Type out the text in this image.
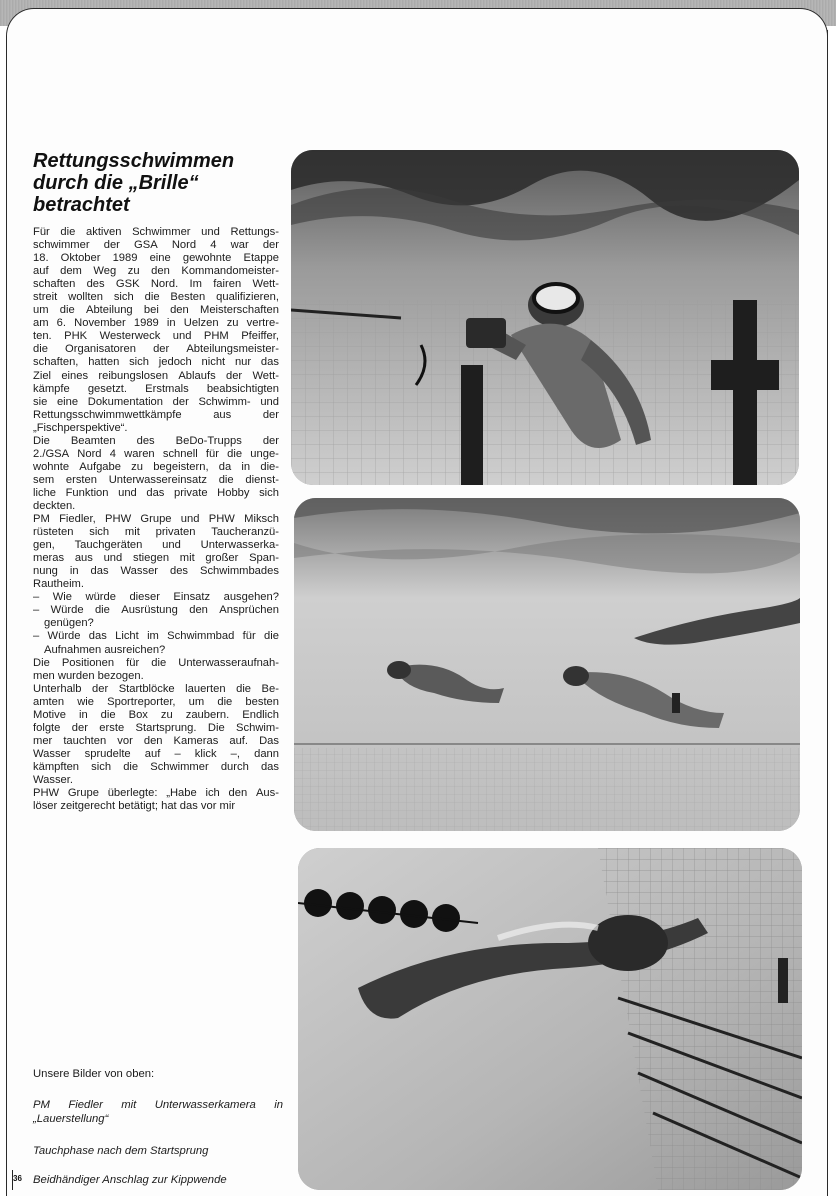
Rettungsschwimmen
durch die „Brille“
betrachtet
Für die aktiven Schwimmer und Rettungs-
schwimmer der GSA Nord 4 war der
18. Oktober 1989 eine gewohnte Etappe
auf dem Weg zu den Kommandomeister-
schaften des GSK Nord. Im fairen Wett-
streit wollten sich die Besten qualifizieren,
um die Abteilung bei den Meisterschaften
am 6. November 1989 in Uelzen zu vertre-
ten. PHK Westerweck und PHM Pfeiffer,
die Organisatoren der Abteilungsmeister-
schaften, hatten sich jedoch nicht nur das
Ziel eines reibungslosen Ablaufs der Wett-
kämpfe gesetzt. Erstmals beabsichtigten
sie eine Dokumentation der Schwimm- und
Rettungsschwimmwettkämpfe	aus	der
„Fischperspektive“.
Die Beamten des BeDo-Trupps der
2./GSA Nord 4 waren schnell für die unge-
wohnte Aufgabe zu begeistern, da in die-
sem ersten Unterwassereinsatz die dienst-
liche Funktion und das private Hobby sich
deckten.
PM Fiedler, PHW Grupe und PHW Miksch
rüsteten sich mit privaten Taucheranzü-
gen, Tauchgeräten und Unterwasserka-
meras aus und stiegen mit großer Span-
nung in das Wasser des Schwimmbades
Rautheim.
– Wie würde dieser Einsatz ausgehen?
– Würde die Ausrüstung den Ansprüchen
genügen?
– Würde das Licht im Schwimmbad für die
Aufnahmen ausreichen?
Die Positionen für die Unterwasseraufnah-
men wurden bezogen.
Unterhalb der Startblöcke lauerten die Be-
amten wie Sportreporter, um die besten
Motive in die Box zu zaubern. Endlich
folgte der erste Startsprung. Die Schwim-
mer tauchten vor den Kameras auf. Das
Wasser sprudelte auf – klick –, dann
kämpften sich die Schwimmer durch das
Wasser.
PHW Grupe überlegte: „Habe ich den Aus-
löser zeitgerecht betätigt; hat das vor mir
Unsere Bilder von oben:
PM Fiedler mit Unterwasserkamera in
„Lauerstellung“
Tauchphase nach dem Startsprung
Beidhändiger Anschlag zur Kippwende
36
